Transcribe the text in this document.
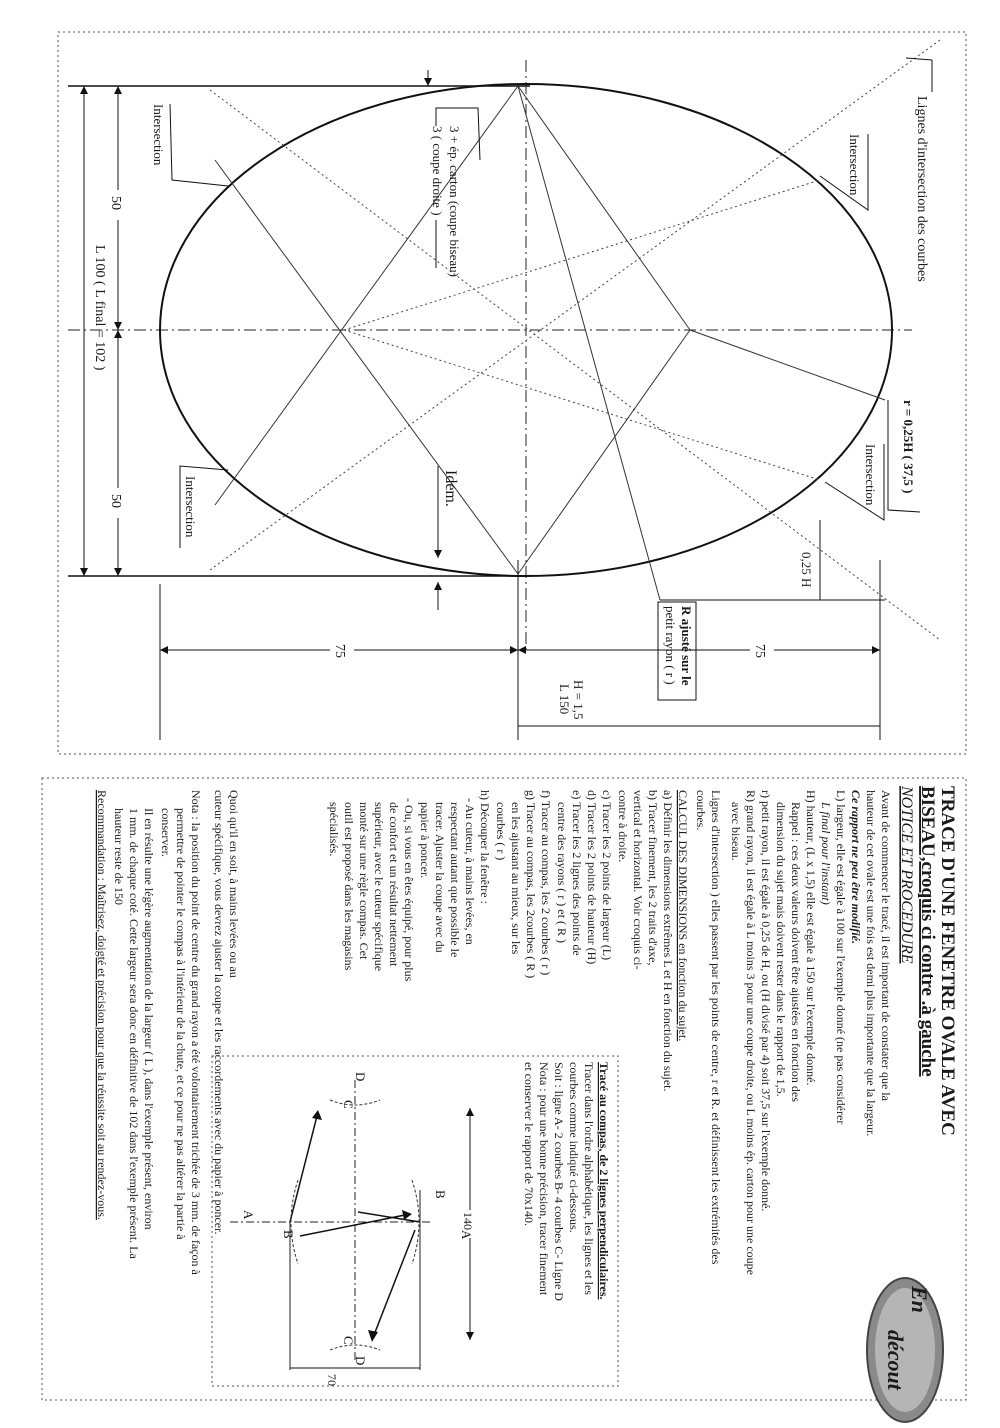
L 100 ( L final = 102 )
50
50
Intersection
Intersection
Intersection
Intersection
Lignes d'intersection des courbes
3 + ép. carton (coupe biseau)
3 ( coupe droite )
Idem.	r = 0,25H ( 37,5 )
0,25 H
R ajusté sur le
petit rayon ( r )
75	75
H = 1,5
L 150
TRACE D'UNE FENETRE OVALE AVEC
BISEAU,croquis ci contre .à gauche
NOTICE ET PROCEDURE
Avant de commencer le tracé, il est important de constater que la
hauteur de cet ovale est une fois est demi plus importante que la largeur.
Ce rapport ne peu être modifié.
L) largeur, elle est égale à 100 sur l'exemple donné (ne pas considérer
L final pour l'instant)
H) hauteur, (L x 1,5) elle est égale à 150 sur l'exemple donné.
Rappel : ces deux valeurs doivent être ajustées en fonction des
dimension du sujet mais doivent rester dans le rapport de 1,5.
r) petit rayon, il est égale à 0,25 de H, ou (H divisé par 4) soit 37,5 sur l'exemple donné.
R) grand rayon, il est égale à L moins 3 pour une coupe droite, ou L moins ép. carton pour une coupe
avec biseau.
Lignes d'intersection ) elles passent par les points de centre, r et R. et définissent les extrémités des
courbes.
CALCUL DES DIMENSIONS en fonction du sujet.
a) Définir les dimensions extrêmes L et H en fonction du sujet.
b) Tracer finement, les 2 traits d'axe,
vertical et horizontal. Voir croquis ci-
contre à droite.
c) Tracer les 2 points de largeur (L)
d) Tracer les 2 points de hauteur (H)
e) Tracer les 2 lignes des points de
centre des rayons ( r ) et ( R )
f) Tracer au compas, les 2 courbes ( r )
g) Tracer au compas, les 2courbes ( R )
en les ajustant au mieux, sur les
courbes ( r )
h) Découper la fenêtre :
- Au cuteur, à mains levées, en
respectant autant que possible le
tracer. Ajuster la coupe avec du
papier à poncer.
- Ou, si vous en êtes équipé, pour plus
de confort et un résultat nettement
supérieur, avec le cuteur spécifique
monté sur une règle compas. Cet
outil est proposé dans les magasins
spécialisés.
Quoi qu'il en soit, à mains levées ou au
cuteur spécifique, vous devrez ajuster la coupe et les raccordements avec du papier à poncer.
Nota : la position du point de centre du grand rayon a été volontairement trichée de 3 mm. de façon à
permettre de pointer le compas à l'intérieur de la chute, et ce pour ne pas altérer la partie à
conserver.
Il en résulte une légère augmentation de la largeur ( L ), dans l'exemple présent, environ
1 mm. de chaque coté. Cette largeur sera donc en définitive de 102 dans l'exemple présent. La
hauteur reste de 150
Recommandation : Maîtrisez, doigté et précision pour que la réussite soit au rendez-vous.	Tracé au compas, de 2 lignes perpendiculaires.
Tracer dans l'ordre alphabétique, les lignes et les
courbes comme indiqué ci-dessous.
Soit : ligne A- 2 courbes B- 4 courbes C- Ligne D
Nota : pour une bonne précision, tracer finement
et conserver le rapport de 70x140.
140
70
D
D
C
C
B
B
A
A
En
décout
